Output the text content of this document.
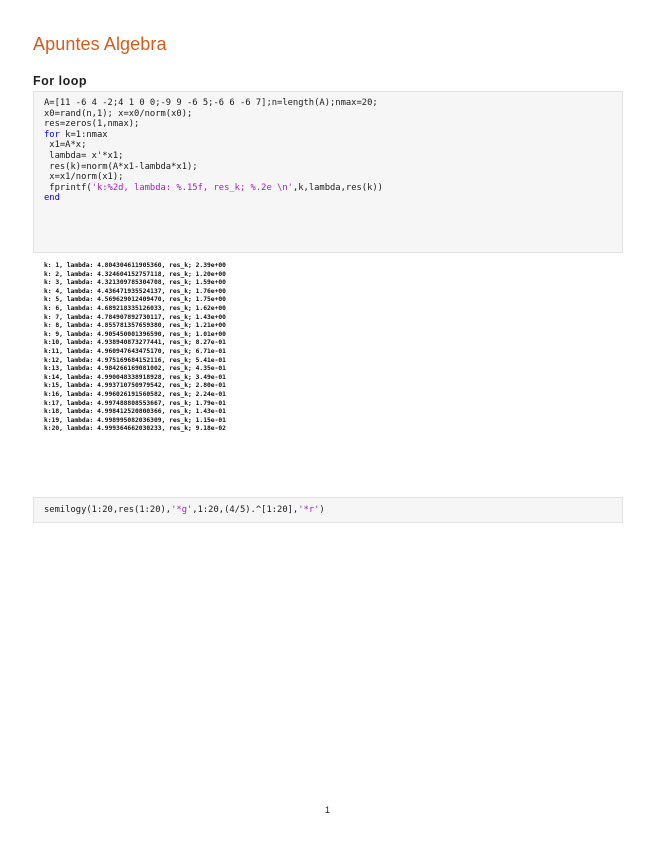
Apuntes Algebra
For loop
A=[11 -6 4 -2;4 1 0 0;-9 9 -6 5;-6 6 -6 7];n=length(A);nmax=20;
x0=rand(n,1); x=x0/norm(x0);
res=zeros(1,nmax);
for k=1:nmax
x1=A*x;
lambda= x'*x1;
res(k)=norm(A*x1-lambda*x1);
x=x1/norm(x1);
fprintf('k:%2d, lambda: %.15f, res_k; %.2e \n',k,lambda,res(k))
end
k: 1, lambda: 4.804304611905360, res_k; 2.39e+00
k: 2, lambda: 4.324604152757118, res_k; 1.20e+00
k: 3, lambda: 4.321309785304708, res_k; 1.59e+00
k: 4, lambda: 4.436471935524137, res_k; 1.76e+00
k: 5, lambda: 4.569629012409470, res_k; 1.75e+00
k: 6, lambda: 4.689218335126033, res_k; 1.62e+00
k: 7, lambda: 4.784907892730117, res_k; 1.43e+00
k: 8, lambda: 4.855781357659380, res_k; 1.21e+00
k: 9, lambda: 4.905450001396590, res_k; 1.01e+00
k:10, lambda: 4.938940873277441, res_k; 8.27e-01
k:11, lambda: 4.960947643475170, res_k; 6.71e-01
k:12, lambda: 4.975169684152116, res_k; 5.41e-01
k:13, lambda: 4.984266169081002, res_k; 4.35e-01
k:14, lambda: 4.990048338918928, res_k; 3.49e-01
k:15, lambda: 4.993710750979542, res_k; 2.80e-01
k:16, lambda: 4.996026191560582, res_k; 2.24e-01
k:17, lambda: 4.997488808553667, res_k; 1.79e-01
k:18, lambda: 4.998412520800366, res_k; 1.43e-01
k:19, lambda: 4.998995082036309, res_k; 1.15e-01
k:20, lambda: 4.999364662030233, res_k; 9.18e-02
semilogy(1:20,res(1:20),'*g',1:20,(4/5).^[1:20],'*r')
1
